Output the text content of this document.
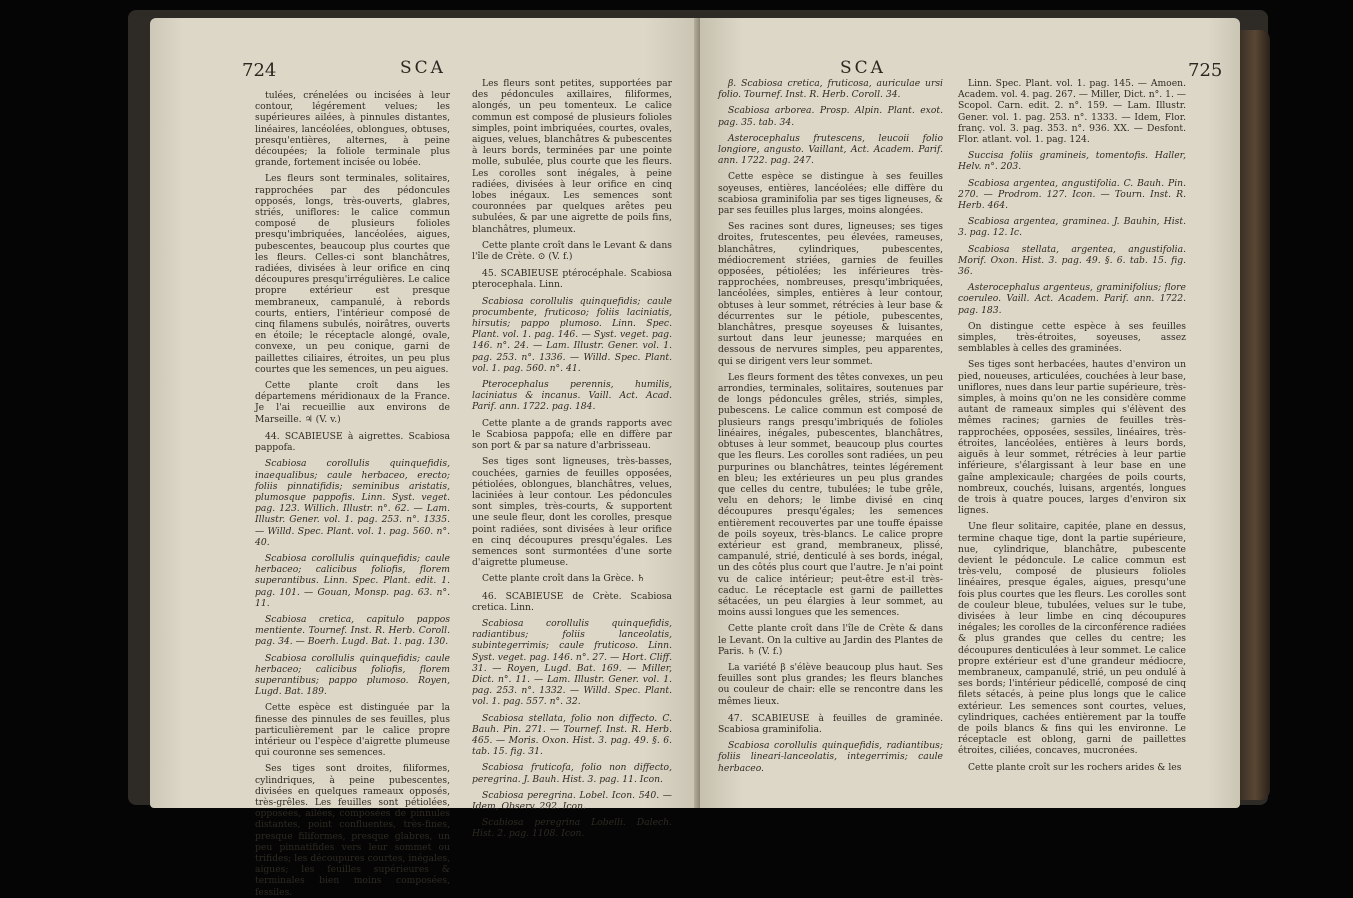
724	SCA

tulées, crénelées ou incisées à leur contour, légérement velues; les supérieures ailées, à pinnules distantes, linéaires, lancéolées, oblongues, obtuses, presqu'entières, alternes, à peine découpées; la foliole terminale plus grande, fortement incisée ou lobée.

Les fleurs sont terminales, solitaires, rapprochées par des pédoncules opposés, longs, très-ouverts, glabres, striés, uniflores: le calice commun composé de plusieurs folioles presqu'imbriquées, lancéolées, aigues, pubescentes, beaucoup plus courtes que les fleurs. Celles-ci sont blanchâtres, radiées, divisées à leur orifice en cinq découpures presqu'irrégulières. Le calice propre extérieur est presque membraneux, campanulé, à rebords courts, entiers, l'intérieur composé de cinq filamens subulés, noirâtres, ouverts en étoile; le réceptacle alongé, ovale, convexe, un peu conique, garni de paillettes ciliaires, étroites, un peu plus courtes que les semences, un peu aigues.

Cette plante croît dans les départemens méridionaux de la France. Je l'ai recueillie aux environs de Marseille. ♃ (V. v.)

44. SCABIEUSE à aigrettes. Scabiosa pappofa.

Scabiosa corollulis quinquefidis, inaequalibus; caule herbaceo, erecto; foliis pinnatifidis; seminibus aristatis, plumosque pappofis. Linn. Syst. veget. pag. 123. Willich. Illustr. n°. 62. — Lam. Illustr. Gener. vol. 1. pag. 253. n°. 1335. — Willd. Spec. Plant. vol. 1. pag. 560. n°. 40.

Scabiosa corollulis quinquefidis; caule herbaceo; calicibus foliofis, florem superantibus. Linn. Spec. Plant. edit. 1. pag. 101. — Gouan, Monsp. pag. 63. n°. 11.

Scabiosa cretica, capitulo pappos mentiente. Tournef. Inst. R. Herb. Coroll. pag. 34. — Boerh. Lugd. Bat. 1. pag. 130.

Scabiosa corollulis quinquefidis; caule herbaceo; calicibus foliofis, florem superantibus; pappo plumoso. Royen, Lugd. Bat. 189.

Cette espèce est distinguée par la finesse des pinnules de ses feuilles, plus particulièrement par le calice propre intérieur ou l'espèce d'aigrette plumeuse qui couronne ses semences.

Ses tiges sont droites, filiformes, cylindriques, à peine pubescentes, divisées en quelques rameaux opposés, très-grêles. Les feuilles sont pétiolées, opposées, ailées, composées de pinnules distantes, point confluentes, très-fines, presque filiformes, presque glabres, un peu pinnatifides vers leur sommet ou trifides; les découpures courtes, inégales, aigues; les feuilles supérieures & terminales bien moins composées, fessiles.

Les fleurs sont petites, supportées par des pédoncules axillaires, filiformes, alongés, un peu tomenteux. Le calice commun est composé de plusieurs folioles simples, point imbriquées, courtes, ovales, aigues, velues, blanchâtres & pubescentes à leurs bords, terminées par une pointe molle, subulée, plus courte que les fleurs. Les corolles sont inégales, à peine radiées, divisées à leur orifice en cinq lobes inégaux. Les semences sont couronnées par quelques arêtes peu subulées, & par une aigrette de poils fins, blanchâtres, plumeux.

Cette plante croît dans le Levant & dans l'île de Crète. ⊙ (V. f.)

45. SCABIEUSE ptérocéphale. Scabiosa pterocephala. Linn.

Scabiosa corollulis quinquefidis; caule procumbente, fruticoso; foliis laciniatis, hirsutis; pappo plumoso. Linn. Spec. Plant. vol. 1. pag. 146. — Syst. veget. pag. 146. n°. 24. — Lam. Illustr. Gener. vol. 1. pag. 253. n°. 1336. — Willd. Spec. Plant. vol. 1. pag. 560. n°. 41.

Pterocephalus perennis, humilis, laciniatus & incanus. Vaill. Act. Acad. Parif. ann. 1722. pag. 184.

Cette plante a de grands rapports avec le Scabiosa pappofa; elle en diffère par son port & par sa nature d'arbrisseau.

Ses tiges sont ligneuses, très-basses, couchées, garnies de feuilles opposées, pétiolées, oblongues, blanchâtres, velues, laciniées à leur contour. Les pédoncules sont simples, très-courts, & supportent une seule fleur, dont les corolles, presque point radiées, sont divisées à leur orifice en cinq découpures presqu'égales. Les semences sont surmontées d'une sorte d'aigrette plumeuse.

Cette plante croît dans la Grèce. ♄

46. SCABIEUSE de Crète. Scabiosa cretica. Linn.

Scabiosa corollulis quinquefidis, radiantibus; foliis lanceolatis, subintegerrimis; caule fruticoso. Linn. Syst. veget. pag. 146. n°. 27. — Hort. Cliff. 31. — Royen, Lugd. Bat. 169. — Miller, Dict. n°. 11. — Lam. Illustr. Gener. vol. 1. pag. 253. n°. 1332. — Willd. Spec. Plant. vol. 1. pag. 557. n°. 32.

Scabiosa stellata, folio non diffecto. C. Bauh. Pin. 271. — Tournef. Inst. R. Herb. 465. — Moris. Oxon. Hist. 3. pag. 49. §. 6. tab. 15. fig. 31.

Scabiosa fruticofa, folio non diffecto, peregrina. J. Bauh. Hist. 3. pag. 11. Icon.

Scabiosa peregrina. Lobel. Icon. 540. — Idem, Observ. 292. Icon.

Scabiosa peregrina Lobelli. Dalech. Hist. 2. pag. 1108. Icon.

SCA	725

β. Scabiosa cretica, fruticosa, auriculae ursi folio. Tournef. Inst. R. Herb. Coroll. 34.

Scabiosa arborea. Prosp. Alpin. Plant. exot. pag. 35. tab. 34.

Asterocephalus frutescens, leucoii folio longiore, angusto. Vaillant, Act. Academ. Parif. ann. 1722. pag. 247.

Cette espèce se distingue à ses feuilles soyeuses, entières, lancéolées; elle diffère du scabiosa graminifolia par ses tiges ligneuses, & par ses feuilles plus larges, moins alongées.

Ses racines sont dures, ligneuses; ses tiges droites, frutescentes, peu élevées, rameuses, blanchâtres, cylindriques, pubescentes, médiocrement striées, garnies de feuilles opposées, pétiolées; les inférieures très-rapprochées, nombreuses, presqu'imbriquées, lancéolées, simples, entières à leur contour, obtuses à leur sommet, rétrécies à leur base & décurrentes sur le pétiole, pubescentes, blanchâtres, presque soyeuses & luisantes, surtout dans leur jeunesse; marquées en dessous de nervures simples, peu apparentes, qui se dirigent vers leur sommet.

Les fleurs forment des têtes convexes, un peu arrondies, terminales, solitaires, soutenues par de longs pédoncules grêles, striés, simples, pubescens. Le calice commun est composé de plusieurs rangs presqu'imbriqués de folioles linéaires, inégales, pubescentes, blanchâtres, obtuses à leur sommet, beaucoup plus courtes que les fleurs. Les corolles sont radiées, un peu purpurines ou blanchâtres, teintes légérement en bleu; les extérieures un peu plus grandes que celles du centre, tubulées; le tube grêle, velu en dehors; le limbe divisé en cinq découpures presqu'égales; les semences entièrement recouvertes par une touffe épaisse de poils soyeux, très-blancs. Le calice propre extérieur est grand, membraneux, plissé, campanulé, strié, denticulé à ses bords, inégal, un des côtés plus court que l'autre. Je n'ai point vu de calice intérieur; peut-être est-il très-caduc. Le réceptacle est garni de paillettes sétacées, un peu élargies à leur sommet, au moins aussi longues que les semences.

Cette plante croît dans l'île de Crète & dans le Levant. On la cultive au Jardin des Plantes de Paris. ♄ (V. f.)

La variété β s'élève beaucoup plus haut. Ses feuilles sont plus grandes; les fleurs blanches ou couleur de chair: elle se rencontre dans les mêmes lieux.

47. SCABIEUSE à feuilles de graminée. Scabiosa graminifolia.

Scabiosa corollulis quinquefidis, radiantibus; foliis lineari-lanceolatis, integerrimis; caule herbaceo.

Linn. Spec. Plant. vol. 1. pag. 145. — Amoen. Academ. vol. 4. pag. 267. — Miller, Dict. n°. 1. — Scopol. Carn. edit. 2. n°. 159. — Lam. Illustr. Gener. vol. 1. pag. 253. n°. 1333. — Idem, Flor. franç. vol. 3. pag. 353. n°. 936. XX. — Desfont. Flor. atlant. vol. 1. pag. 124.

Succisa foliis gramineis, tomentofis. Haller, Helv. n°. 203.

Scabiosa argentea, angustifolia. C. Bauh. Pin. 270. — Prodrom. 127. Icon. — Tourn. Inst. R. Herb. 464.

Scabiosa argentea, graminea. J. Bauhin, Hist. 3. pag. 12. Ic.

Scabiosa stellata, argentea, angustifolia. Morif. Oxon. Hist. 3. pag. 49. §. 6. tab. 15. fig. 36.

Asterocephalus argenteus, graminifolius; flore coeruleo. Vaill. Act. Academ. Parif. ann. 1722. pag. 183.

On distingue cette espèce à ses feuilles simples, très-étroites, soyeuses, assez semblables à celles des graminées.

Ses tiges sont herbacées, hautes d'environ un pied, noueuses, articulées, couchées à leur base, uniflores, nues dans leur partie supérieure, très-simples, à moins qu'on ne les considère comme autant de rameaux simples qui s'élèvent des mêmes racines; garnies de feuilles très-rapprochées, opposées, sessiles, linéaires, très-étroites, lancéolées, entières à leurs bords, aiguës à leur sommet, rétrécies à leur partie inférieure, s'élargissant à leur base en une gaîne amplexicaule; chargées de poils courts, nombreux, couchés, luisans, argentés, longues de trois à quatre pouces, larges d'environ six lignes.

Une fleur solitaire, capitée, plane en dessus, termine chaque tige, dont la partie supérieure, nue, cylindrique, blanchâtre, pubescente devient le pédoncule. Le calice commun est très-velu, composé de plusieurs folioles linéaires, presque égales, aigues, presqu'une fois plus courtes que les fleurs. Les corolles sont de couleur bleue, tubulées, velues sur le tube, divisées à leur limbe en cinq découpures inégales; les corolles de la circonférence radiées & plus grandes que celles du centre; les découpures denticulées à leur sommet. Le calice propre extérieur est d'une grandeur médiocre, membraneux, campanulé, strié, un peu ondulé à ses bords; l'intérieur pédicellé, composé de cinq filets sétacés, à peine plus longs que le calice extérieur. Les semences sont courtes, velues, cylindriques, cachées entièrement par la touffe de poils blancs & fins qui les environne. Le réceptacle est oblong, garni de paillettes étroites, ciliées, concaves, mucronées.

Cette plante croît sur les rochers arides & les
